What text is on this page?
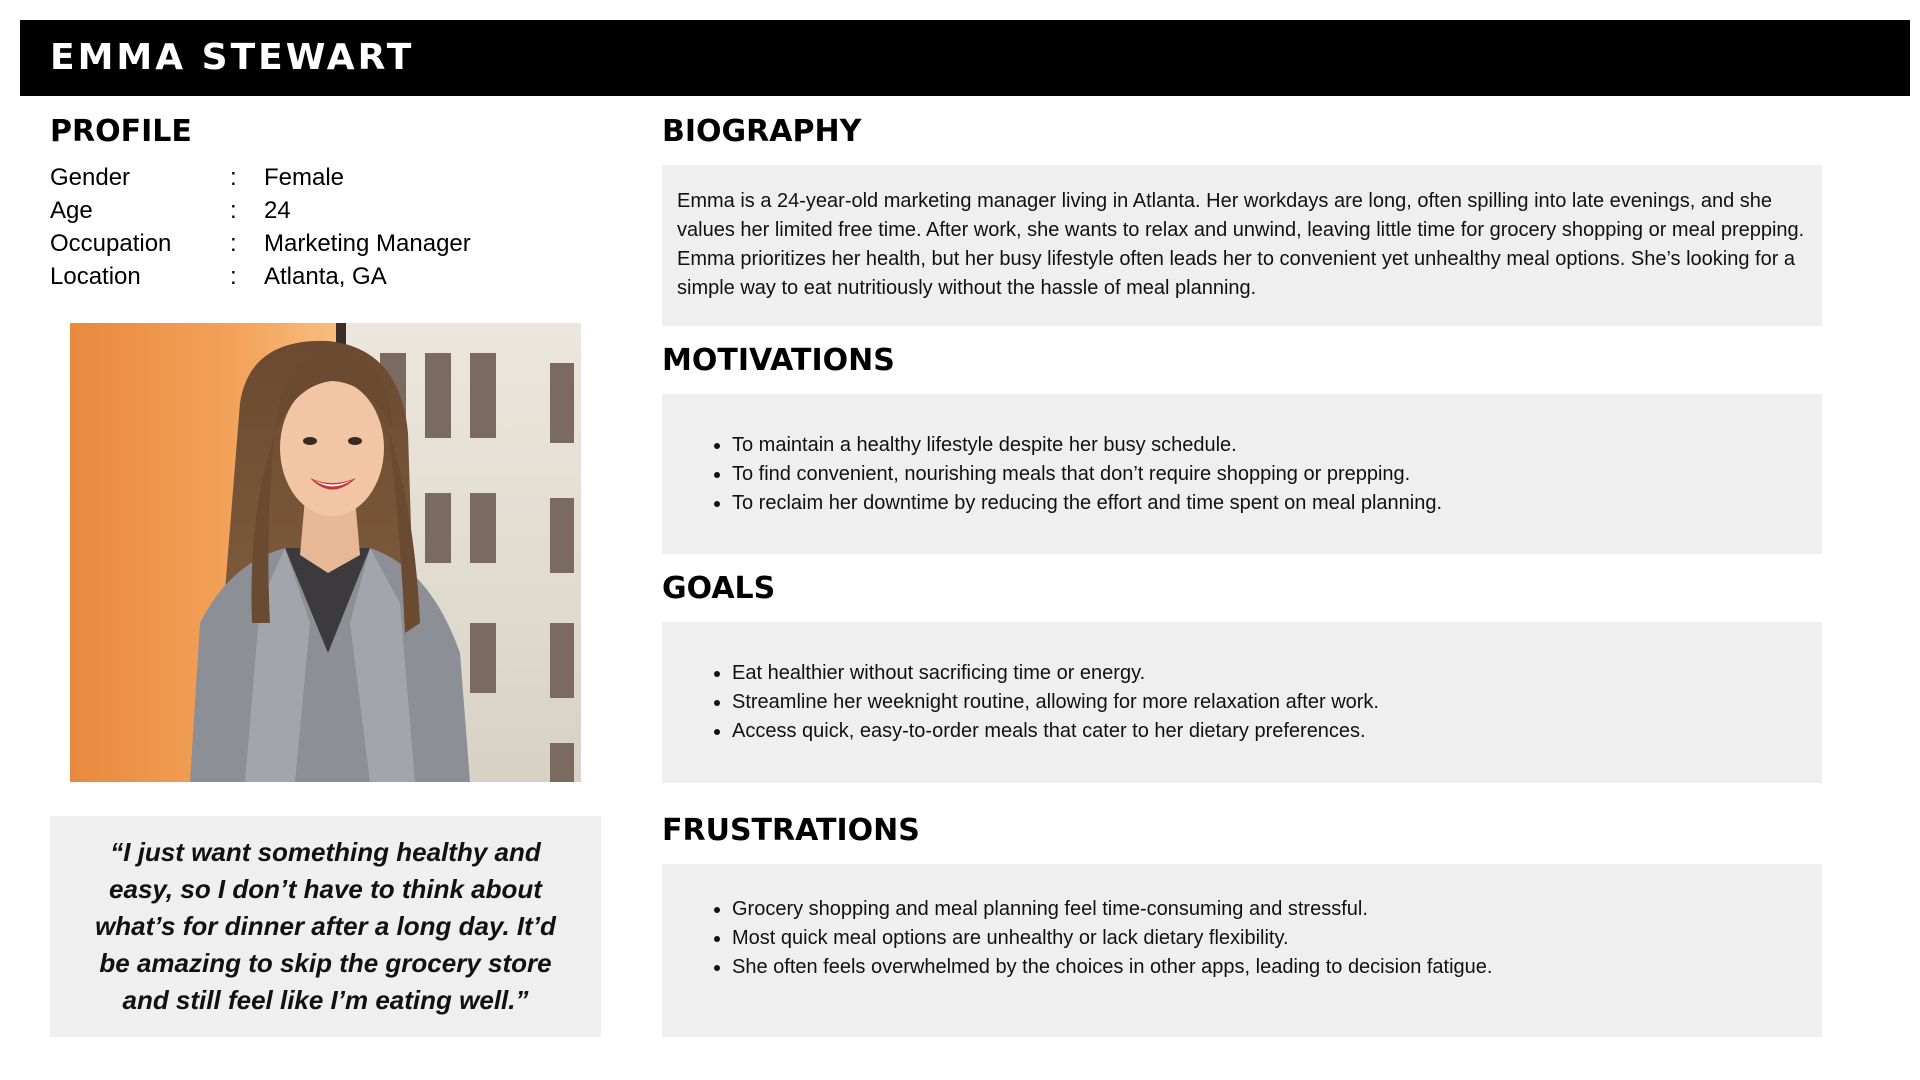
EMMA STEWART
PROFILE
Gender	: Female
Age	: 24
Occupation : Marketing Manager
Location	: Atlanta, GA
“I just want something healthy and easy, so I don’t have to think about what’s for dinner after a long day. It’d be amazing to skip the grocery store and still feel like I’m eating well.”
BIOGRAPHY

Emma is a 24-year-old marketing manager living in Atlanta. Her workdays are long, often spilling into late evenings, and she values her limited free time. After work, she wants to relax and unwind, leaving little time for grocery shopping or meal prepping. Emma prioritizes her health, but her busy lifestyle often leads her to convenient yet unhealthy meal options. She’s looking for a simple way to eat nutritiously without the hassle of meal planning.

MOTIVATIONS
• To maintain a healthy lifestyle despite her busy schedule.
• To find convenient, nourishing meals that don’t require shopping or prepping.
• To reclaim her downtime by reducing the effort and time spent on meal planning.
GOALS
• Eat healthier without sacrificing time or energy.
• Streamline her weeknight routine, allowing for more relaxation after work.
• Access quick, easy-to-order meals that cater to her dietary preferences.
FRUSTRATIONS
• Grocery shopping and meal planning feel time-consuming and stressful.
• Most quick meal options are unhealthy or lack dietary flexibility.
• She often feels overwhelmed by the choices in other apps, leading to decision fatigue.
